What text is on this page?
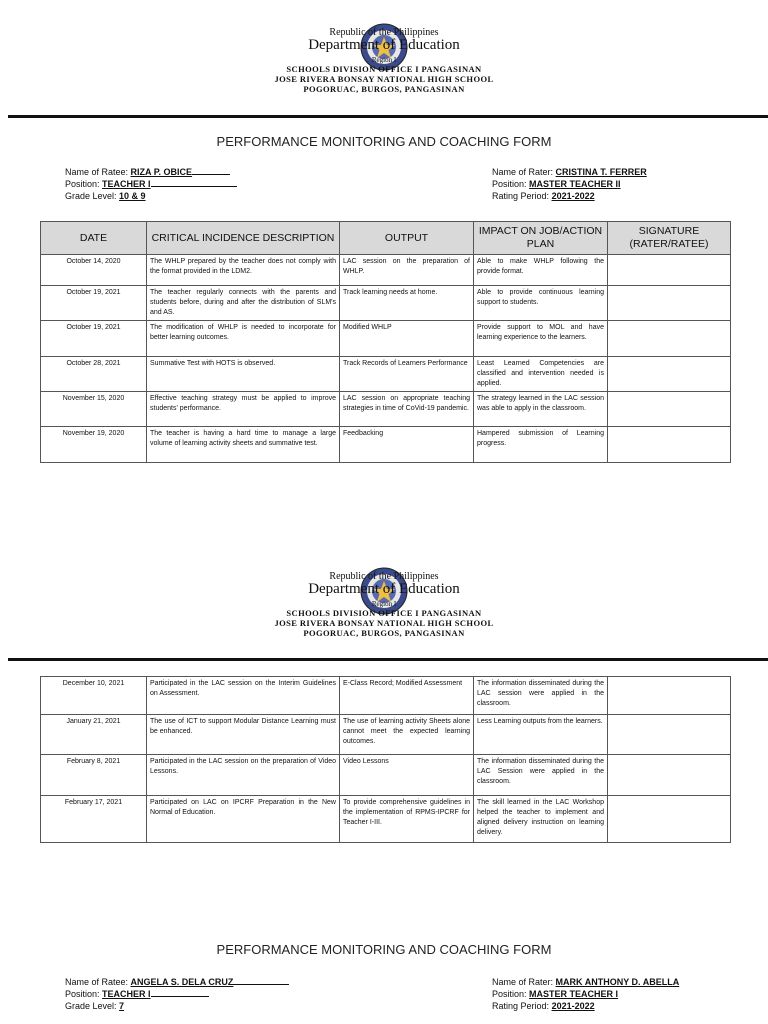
Republic of the Philippines
Department of Education
Region I
SCHOOLS DIVISION OFFICE I PANGASINAN
JOSE RIVERA BONSAY NATIONAL HIGH SCHOOL
POGORUAC, BURGOS, PANGASINAN
PERFORMANCE MONITORING AND COACHING FORM
Name of Ratee: RIZA P. OBICE
Position: TEACHER I
Grade Level: 10 & 9
Name of Rater: CRISTINA T. FERRER
Position: MASTER TEACHER II
Rating Period: 2021-2022
DATE	CRITICAL INCIDENCE DESCRIPTION	OUTPUT	IMPACT ON JOB/ACTION PLAN	SIGNATURE (RATER/RATEE)
October 14, 2020	The WHLP prepared by the teacher does not comply with the format provided in the LDM2.	LAC session on the preparation of WHLP.	Able to make WHLP following the provide format.	
October 19, 2021	The teacher regularly connects with the parents and students before, during and after the distribution of SLM's and AS.	Track learning needs at home.	Able to provide continuous learning support to students.	
October 19, 2021	The modification of WHLP is needed to incorporate for better learning outcomes.	Modified WHLP	Provide support to MOL and have learning experience to the learners.	
October 28, 2021	Summative Test with HOTS is observed.	Track Records of Learners Performance	Least Learned Competencies are classified and intervention needed is applied.	
November 15, 2020	Effective teaching strategy must be applied to improve students' performance.	LAC session on appropriate teaching strategies in time of CoVid-19 pandemic.	The strategy learned in the LAC session was able to apply in the classroom.	
November 19, 2020	The teacher is having a hard time to manage a large volume of learning activity sheets and summative test.	Feedbacking	Hampered submission of Learning progress.	
Republic of the Philippines
Department of Education
Region I
SCHOOLS DIVISION OFFICE I PANGASINAN
JOSE RIVERA BONSAY NATIONAL HIGH SCHOOL
POGORUAC, BURGOS, PANGASINAN
December 10, 2021	Participated in the LAC session on the Interim Guidelines on Assessment.	E-Class Record; Modified Assessment	The information disseminated during the LAC session were applied in the classroom.	
January 21, 2021	The use of ICT to support Modular Distance Learning must be enhanced.	The use of learning activity Sheets alone cannot meet the expected learning outcomes.	Less Learning outputs from the learners.	
February 8, 2021	Participated in the LAC session on the preparation of Video Lessons.	Video Lessons	The information disseminated during the LAC Session were applied in the classroom.	
February 17, 2021	Participated on LAC on IPCRF Preparation in the New Normal of Education.	To provide comprehensive guidelines in the implementation of RPMS-IPCRF for Teacher I-III.	The skill learned in the LAC Workshop helped the teacher to implement and aligned delivery instruction on learning delivery.	
PERFORMANCE MONITORING AND COACHING FORM
Name of Ratee: ANGELA S. DELA CRUZ
Position: TEACHER I
Grade Level: 7
Name of Rater: MARK ANTHONY D. ABELLA
Position: MASTER TEACHER I
Rating Period: 2021-2022
